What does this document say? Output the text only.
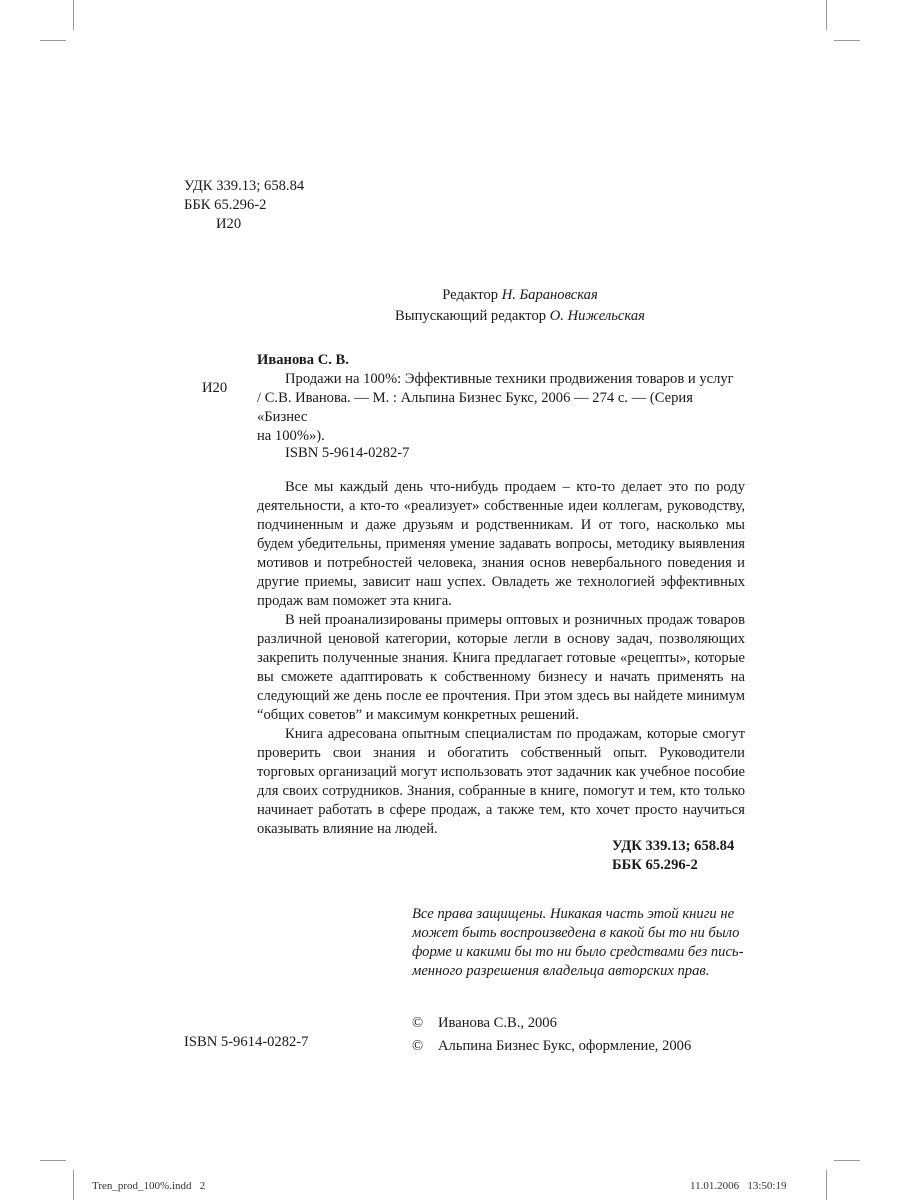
УДК 339.13; 658.84
ББК 65.296-2
И20
Редактор Н. Барановская
Выпускающий редактор О. Нижельская
Иванова С. В.
И20
Продажи на 100%: Эффективные техники продвижения товаров и услуг
/ С.В. Иванова. — М. : Альпина Бизнес Букс, 2006 — 274 с. — (Серия «Бизнес
на 100%»).
ISBN 5-9614-0282-7

Все мы каждый день что-нибудь продаем – кто-то делает это по роду деятельности, а кто-то «реализует» собственные идеи коллегам, руководству, подчиненным и даже друзьям и родственникам. И от того, насколько мы будем убедительны, применяя умение задавать вопросы, методику выявления мотивов и потребностей человека, знания основ невербального поведения и другие приемы, зависит наш успех. Овладеть же технологией эффективных продаж вам поможет эта книга.

В ней проанализированы примеры оптовых и розничных продаж товаров различной ценовой категории, которые легли в основу задач, позволяющих закрепить полученные знания. Книга предлагает готовые «рецепты», которые вы сможете адаптировать к собственному бизнесу и начать применять на следующий же день после ее прочтения. При этом здесь вы найдете минимум “общих советов” и максимум конкретных решений.

Книга адресована опытным специалистам по продажам, которые смогут проверить свои знания и обогатить собственный опыт. Руководители торговых организаций могут использовать этот задачник как учебное пособие для своих сотрудников. Знания, собранные в книге, помогут и тем, кто только начинает работать в сфере продаж, а также тем, кто хочет просто научиться оказывать влияние на людей.

УДК 339.13; 658.84
ББК 65.296-2
Все права защищены. Никакая часть этой книги не
может быть воспроизведена в какой бы то ни было
форме и какими бы то ни было средствами без пись-
менного разрешения владельца авторских прав.
© Иванова С.В., 2006
© Альпина Бизнес Букс, оформление, 2006
ISBN 5-9614-0282-7
Tren_prod_100%.indd   2	11.01.2006   13:50:19
